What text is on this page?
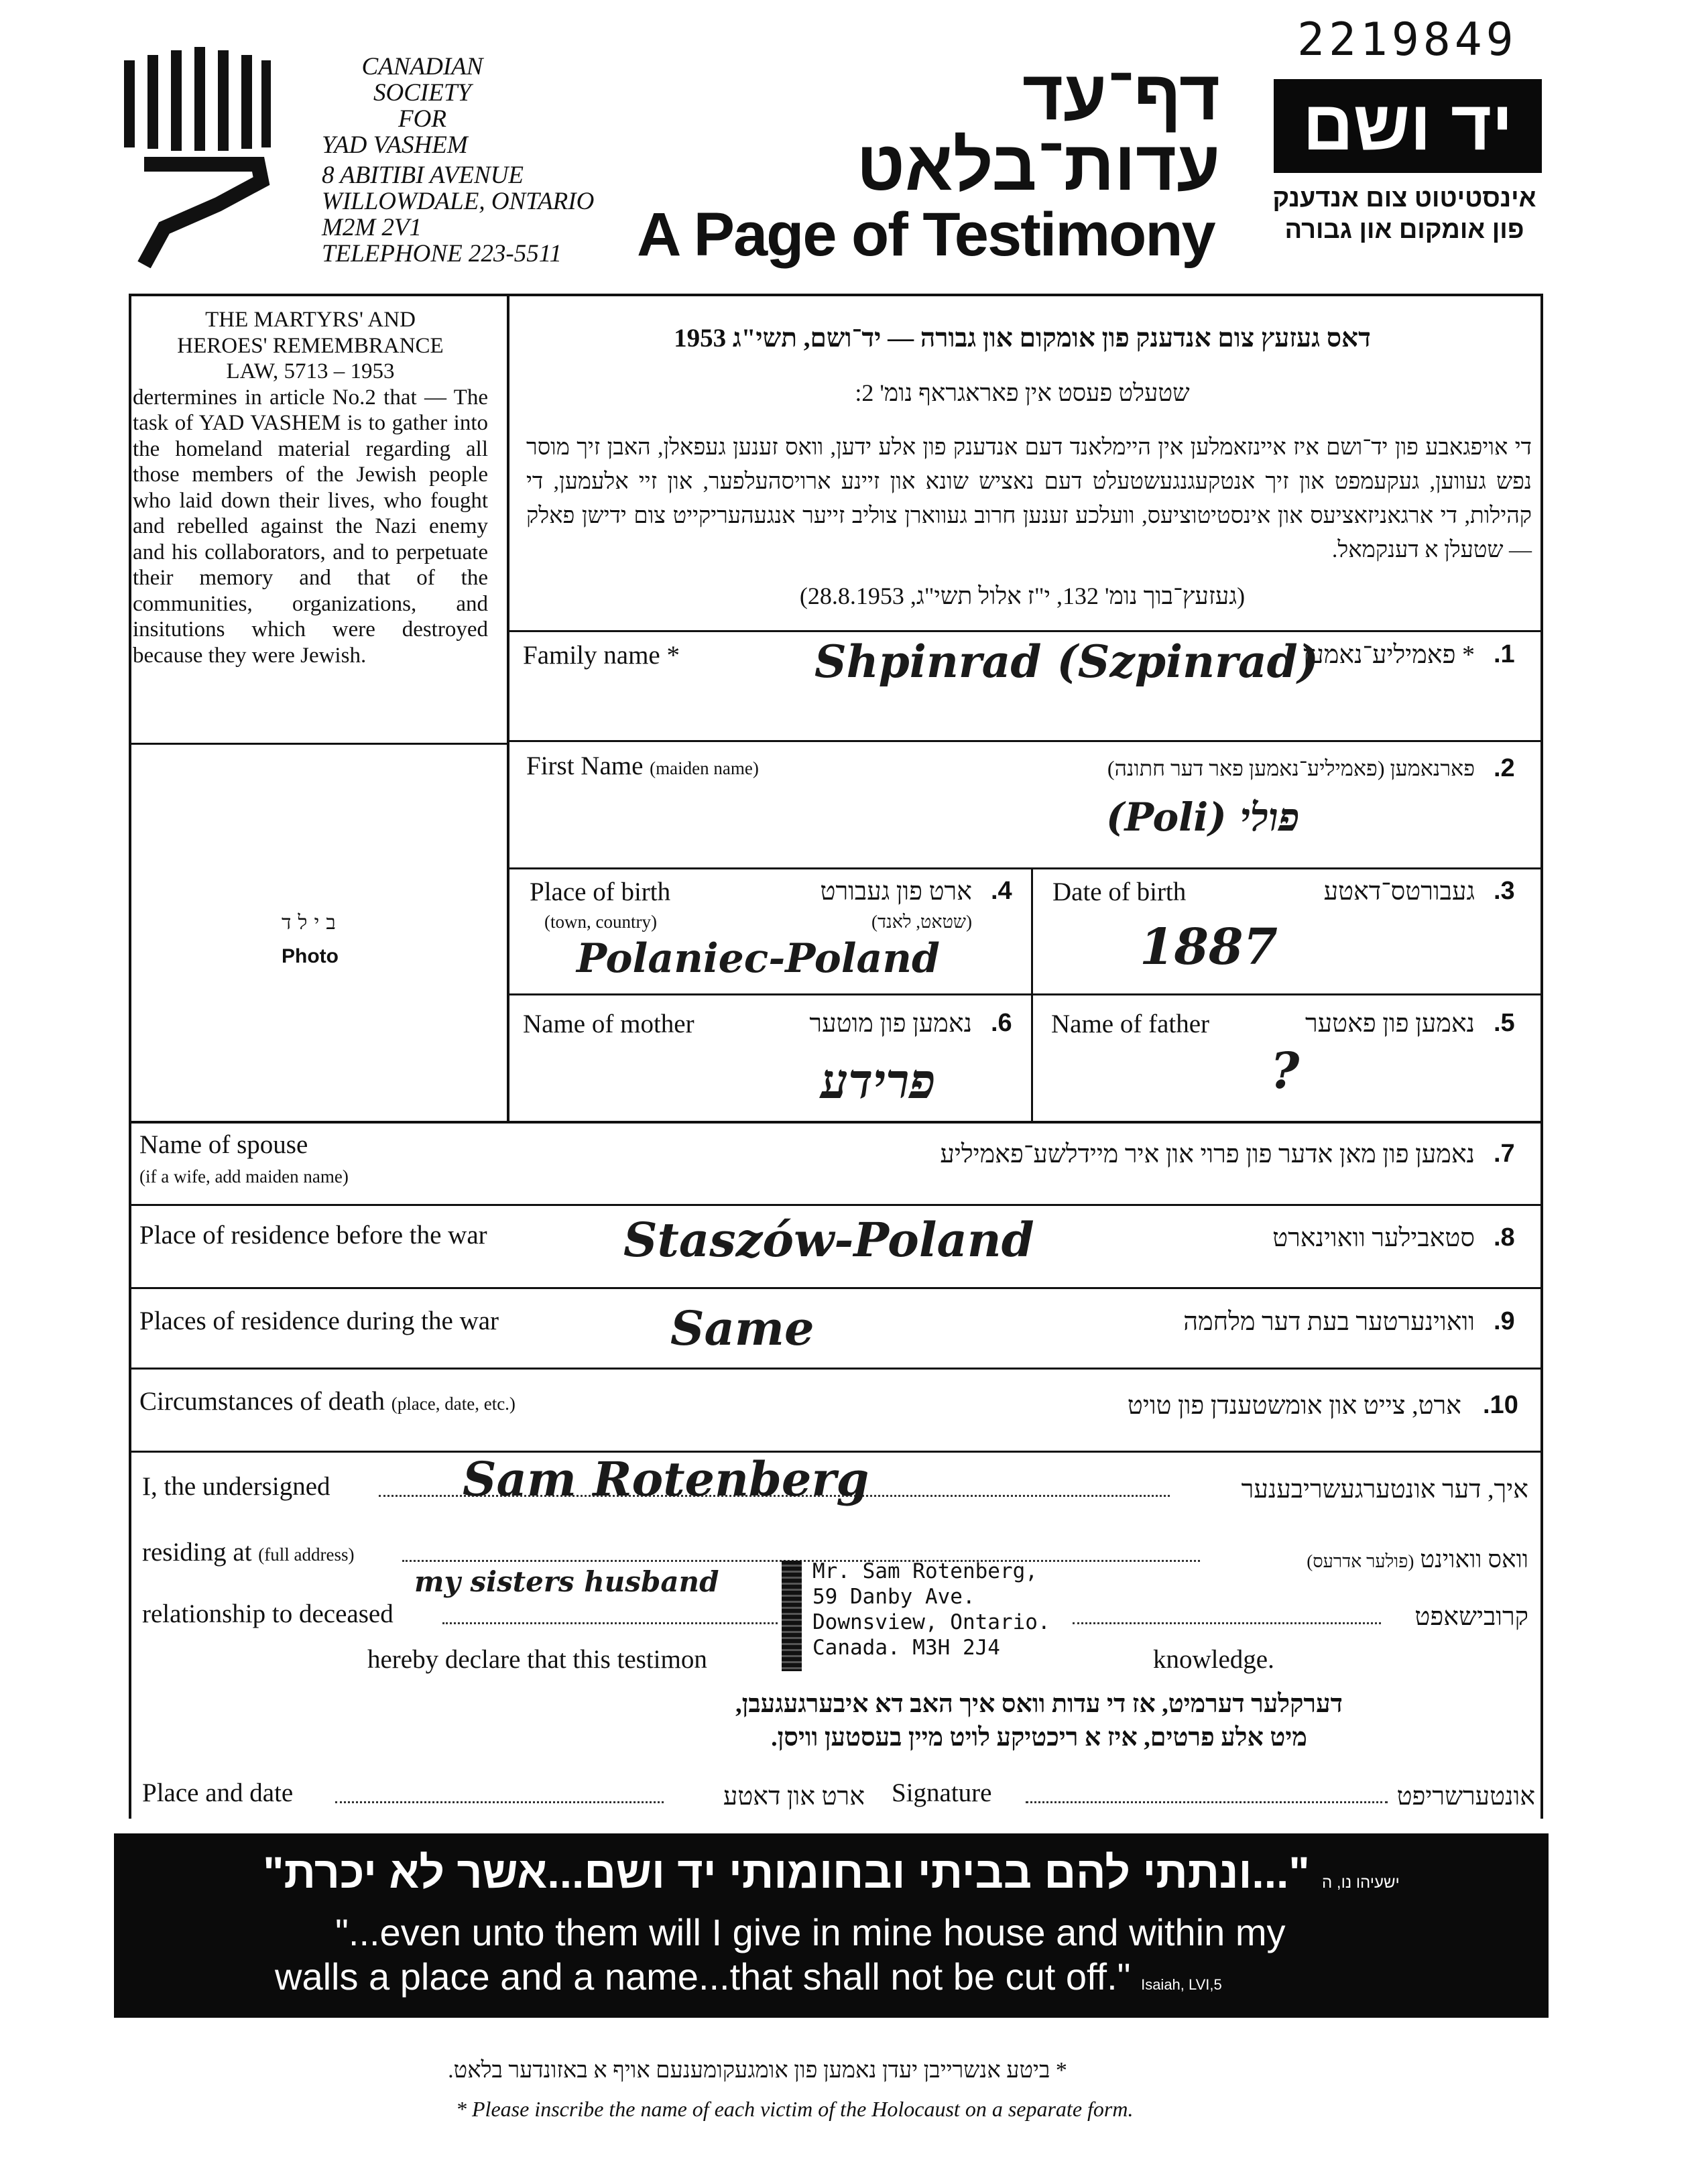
2219849
CANADIAN
SOCIETY
FOR
YAD VASHEM
8 ABITIBI AVENUE
WILLOWDALE, ONTARIO
M2M 2V1
TELEPHONE 223-5511
דף־עד
עדות־בלאט
A Page of Testimony
יד ושם
אינסטיטוט צום אנדענק
פון אומקום און גבורה
THE MARTYRS' AND
HEROES' REMEMBRANCE
LAW, 5713 – 1953
dertermines in article No.2 that — The task of YAD VASHEM is to gather into the homeland material regarding all those members of the Jewish people who laid down their lives, who fought and rebelled against the Nazi enemy and his collaborators, and to perpetuate their memory and that of the communities, organizations, and insitutions which were destroyed because they were Jewish.
בילד
Photo
דאס געזעץ צום אנדענק פון אומקום און גבורה — יד־ושם, תשי"ג 1953
שטעלט פעסט אין פאראגראף נומ' 2:
די אויפגאבע פון יד־ושם איז איינזאמלען אין היימלאנד דעם אנדענק פון אלע ידען, וואס זענען געפאלן, האבן זיך מוסר נפש געווען, געקעמפט און זיך אנטקעגנגעשטעלט דעם נאציש שונא און זיינע ארויסהעלפער, און זיי אלעמען, די קהילות, די ארגאניזאציעס און אינסטיטוציעס, וועלכע זענען חרוב געווארן צוליב זייער אנגעהעריקייט צום ידישן פאלק — שטעלן א דענקמאל.
(געזעץ־בוך נומ' 132, י"ז אלול תשי"ג, 28.8.1953)
Family name *	* פאמיליע־נאמען .1
Shpinrad (Szpinrad)
First Name (maiden name)	פארנאמען (פאמיליע־נאמען פאר דער חתונה) .2
(Poli) פולי
Place of birth	ארט פון געבורט .4
(town, country)	(שטאט, לאנד)
Polaniec-Poland
Date of birth	געבורטס־דאטע .3
1887
Name of mother	נאמען פון מוטער .6
פרידע
Name of father	נאמען פון פאטער .5
?
Name of spouse
(if a wife, add maiden name)
נאמען פון מאן אדער פון פרוי און איר מיידלשע־פאמיליע .7
Place of residence before the war	סטאבילער וואוינארט .8
Staszów-Poland
Places of residence during the war	וואוינערטער בעת דער מלחמה .9
Same
Circumstances of death (place, date, etc.)	ארט, צייט און אומשטענדן פון טויט .10
I, the undersigned	איך, דער אונטערגעשריבענער
Sam Rotenberg
residing at (full address)	וואס וואוינט (פולער אדרעס)
relationship to deceased	קרובישאפט
my sisters husband
hereby declare that this testimon	knowledge.
Mr. Sam Rotenberg,
59 Danby Ave.
Downsview, Ontario.
Canada. M3H 2J4
דערקלער דערמיט, אז די עדות וואס איך האב דא איבערגעגעבן,
מיט אלע פרטים, איז א ריכטיקע לויט מיין בעסטען וויסן.
Place and date	ארט און דאטע Signature	אונטערשריפט
ישעיהו נו, ה "...ונתתי להם בביתי ובחומותי יד ושם...אשר לא יכרת"
"...even unto them will I give in mine house and within my
walls a place and a name...that shall not be cut off." Isaiah, LVI,5
* ביטע אנשרייבן יעדן נאמען פון אומגעקומענעם אויף א באזונדער בלאט.
* Please inscribe the name of each victim of the Holocaust on a separate form.
